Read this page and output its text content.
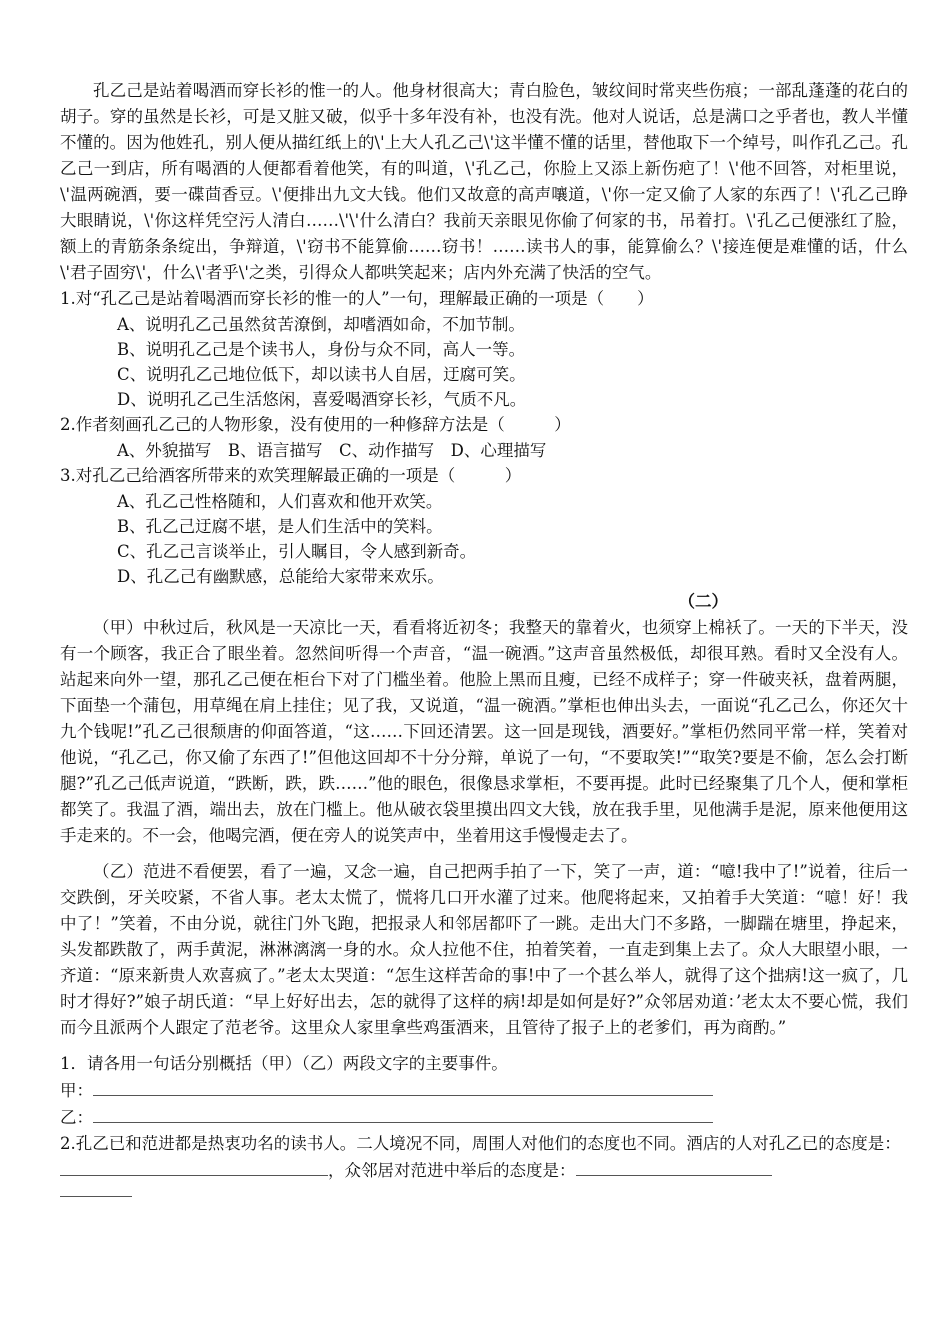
孔乙己是站着喝酒而穿长衫的惟一的人。他身材很高大；青白脸色，皱纹间时常夹些伤痕；一部乱蓬蓬的花白的胡子。穿的虽然是长衫，可是又脏又破，似乎十多年没有补，也没有洗。他对人说话，总是满口之乎者也，教人半懂不懂的。因为他姓孔，别人便从描红纸上的\'上大人孔乙己\'这半懂不懂的话里，替他取下一个绰号，叫作孔乙己。孔乙己一到店，所有喝酒的人便都看着他笑，有的叫道，\'孔乙己，你脸上又添上新伤疤了！\'他不回答，对柜里说，\'温两碗酒，要一碟茴香豆。\'便排出九文大钱。他们又故意的高声嚷道，\'你一定又偷了人家的东西了！\'孔乙己睁大眼睛说，\'你这样凭空污人清白……\'\'什么清白？我前天亲眼见你偷了何家的书，吊着打。\'孔乙己便涨红了脸，额上的青筋条条绽出，争辩道，\'窃书不能算偷……窃书！……读书人的事，能算偷么？\'接连便是难懂的话，什么\'君子固穷\'，什么\'者乎\'之类，引得众人都哄笑起来；店内外充满了快活的空气。

1.对“孔乙己是站着喝酒而穿长衫的惟一的人”一句，理解最正确的一项是（　　）

A、说明孔乙己虽然贫苦潦倒，却嗜酒如命，不加节制。

B、说明孔乙己是个读书人，身份与众不同，高人一等。

C、说明孔乙己地位低下，却以读书人自居，迂腐可笑。

D、说明孔乙己生活悠闲，喜爱喝酒穿长衫，气质不凡。

2.作者刻画孔乙己的人物形象，没有使用的一种修辞方法是（　　　）

A、外貌描写　B、语言描写　C、动作描写　D、心理描写

3.对孔乙己给酒客所带来的欢笑理解最正确的一项是（　　　）

A、孔乙己性格随和，人们喜欢和他开欢笑。

B、孔乙己迂腐不堪，是人们生活中的笑料。

C、孔乙己言谈举止，引人瞩目，令人感到新奇。

D、孔乙己有幽默感，总能给大家带来欢乐。

（二）

（甲）中秋过后，秋风是一天凉比一天，看看将近初冬；我整天的靠着火，也须穿上棉袄了。一天的下半天，没有一个顾客，我正合了眼坐着。忽然间听得一个声音，“温一碗酒。”这声音虽然极低，却很耳熟。看时又全没有人。站起来向外一望，那孔乙己便在柜台下对了门槛坐着。他脸上黑而且瘦，已经不成样子；穿一件破夹袄，盘着两腿，下面垫一个蒲包，用草绳在肩上挂住；见了我，又说道，“温一碗酒。”掌柜也伸出头去，一面说“孔乙己么，你还欠十九个钱呢!”孔乙己很颓唐的仰面答道，“这……下回还清罢。这一回是现钱，酒要好。”掌柜仍然同平常一样，笑着对他说，“孔乙己，你又偷了东西了!”但他这回却不十分分辩，单说了一句，“不要取笑!”“取笑?要是不偷，怎么会打断腿?”孔乙己低声说道，“跌断，跌，跌……”他的眼色，很像恳求掌柜，不要再提。此时已经聚集了几个人，便和掌柜都笑了。我温了酒，端出去，放在门槛上。他从破衣袋里摸出四文大钱，放在我手里，见他满手是泥，原来他便用这手走来的。不一会，他喝完酒，便在旁人的说笑声中，坐着用这手慢慢走去了。

（乙）范进不看便罢，看了一遍，又念一遍，自己把两手拍了一下，笑了一声，道：“噫!我中了!”说着，往后一交跌倒，牙关咬紧，不省人事。老太太慌了，慌将几口开水灌了过来。他爬将起来，又拍着手大笑道：“噫！好！我中了！”笑着，不由分说，就往门外飞跑，把报录人和邻居都吓了一跳。走出大门不多路，一脚踹在塘里，挣起来，头发都跌散了，两手黄泥，淋淋漓漓一身的水。众人拉他不住，拍着笑着，一直走到集上去了。众人大眼望小眼，一齐道：“原来新贵人欢喜疯了。”老太太哭道：“怎生这样苦命的事!中了一个甚么举人，就得了这个拙病!这一疯了，几时才得好?”娘子胡氏道：“早上好好出去，怎的就得了这样的病!却是如何是好?”众邻居劝道：’老太太不要心慌，我们而今且派两个人跟定了范老爷。这里众人家里拿些鸡蛋酒来，且管待了报子上的老爹们，再为商酌。”

1．请各用一句话分别概括（甲）（乙）两段文字的主要事件。

甲：

乙：

2.孔乙已和范进都是热衷功名的读书人。二人境况不同，周围人对他们的态度也不同。酒店的人对孔乙已的态度是：，众邻居对范进中举后的态度是：
